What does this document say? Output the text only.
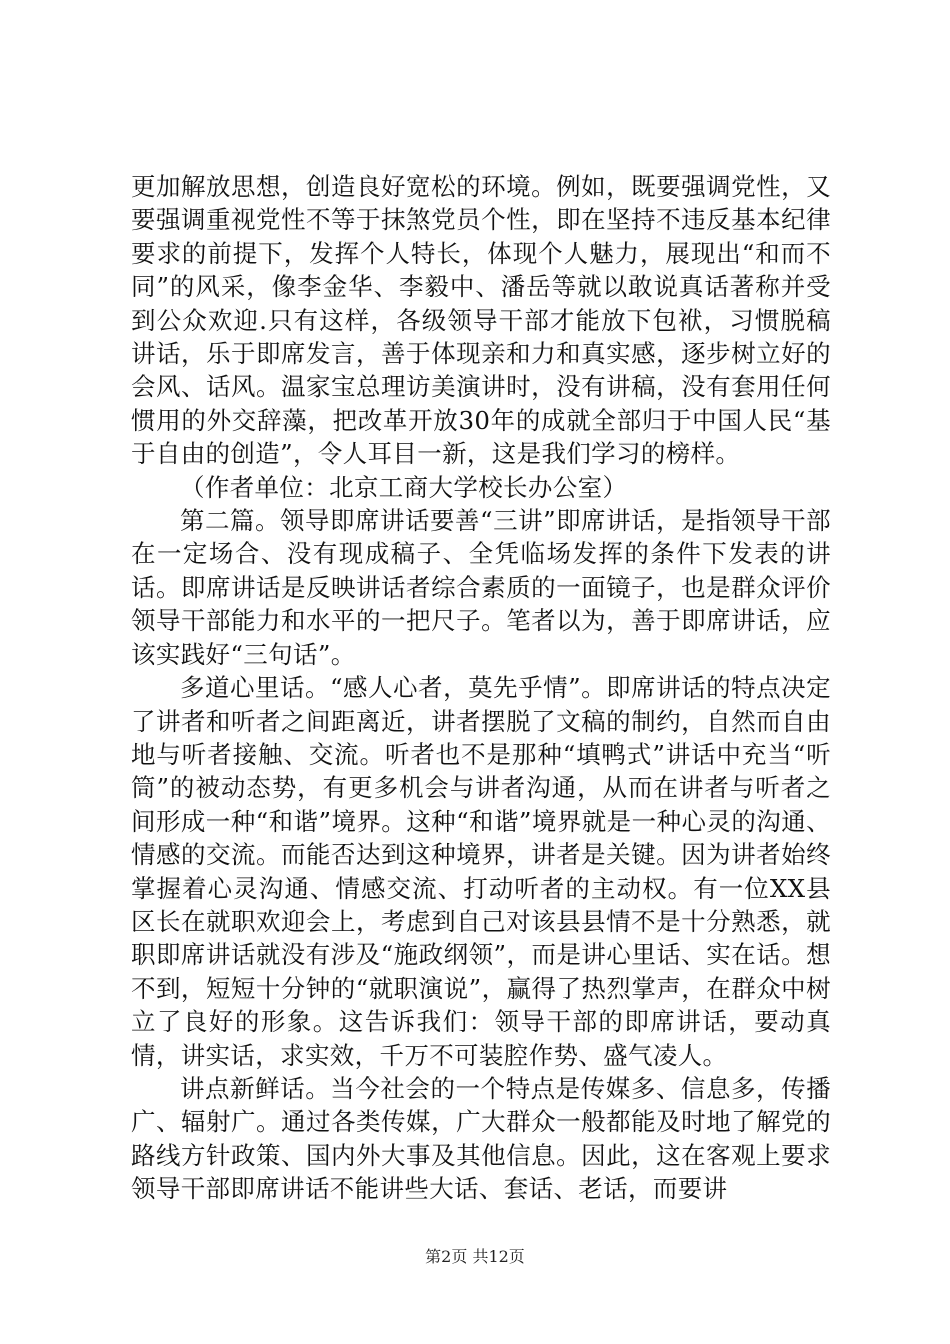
更加解放思想，创造良好宽松的环境。例如，既要强调党性，又要强调重视党性不等于抹煞党员个性，即在坚持不违反基本纪律要求的前提下，发挥个人特长，体现个人魅力，展现出“和而不同”的风采，像李金华、李毅中、潘岳等就以敢说真话著称并受到公众欢迎.只有这样，各级领导干部才能放下包袱，习惯脱稿讲话，乐于即席发言，善于体现亲和力和真实感，逐步树立好的会风、话风。温家宝总理访美演讲时，没有讲稿，没有套用任何惯用的外交辞藻，把改革开放30年的成就全部归于中国人民“基于自由的创造”，令人耳目一新，这是我们学习的榜样。

（作者单位：北京工商大学校长办公室）

第二篇。领导即席讲话要善“三讲”即席讲话，是指领导干部在一定场合、没有现成稿子、全凭临场发挥的条件下发表的讲话。即席讲话是反映讲话者综合素质的一面镜子，也是群众评价领导干部能力和水平的一把尺子。笔者以为，善于即席讲话，应该实践好“三句话”。

多道心里话。“感人心者，莫先乎情”。即席讲话的特点决定了讲者和听者之间距离近，讲者摆脱了文稿的制约，自然而自由地与听者接触、交流。听者也不是那种“填鸭式”讲话中充当“听筒”的被动态势，有更多机会与讲者沟通，从而在讲者与听者之间形成一种“和谐”境界。这种“和谐”境界就是一种心灵的沟通、情感的交流。而能否达到这种境界，讲者是关键。因为讲者始终掌握着心灵沟通、情感交流、打动听者的主动权。有一位XX县区长在就职欢迎会上，考虑到自己对该县县情不是十分熟悉，就职即席讲话就没有涉及“施政纲领”，而是讲心里话、实在话。想不到，短短十分钟的“就职演说”，赢得了热烈掌声，在群众中树立了良好的形象。这告诉我们：领导干部的即席讲话，要动真情，讲实话，求实效，千万不可装腔作势、盛气凌人。

讲点新鲜话。当今社会的一个特点是传媒多、信息多，传播广、辐射广。通过各类传媒，广大群众一般都能及时地了解党的路线方针政策、国内外大事及其他信息。因此，这在客观上要求领导干部即席讲话不能讲些大话、套话、老话，而要讲

第2页 共12页
